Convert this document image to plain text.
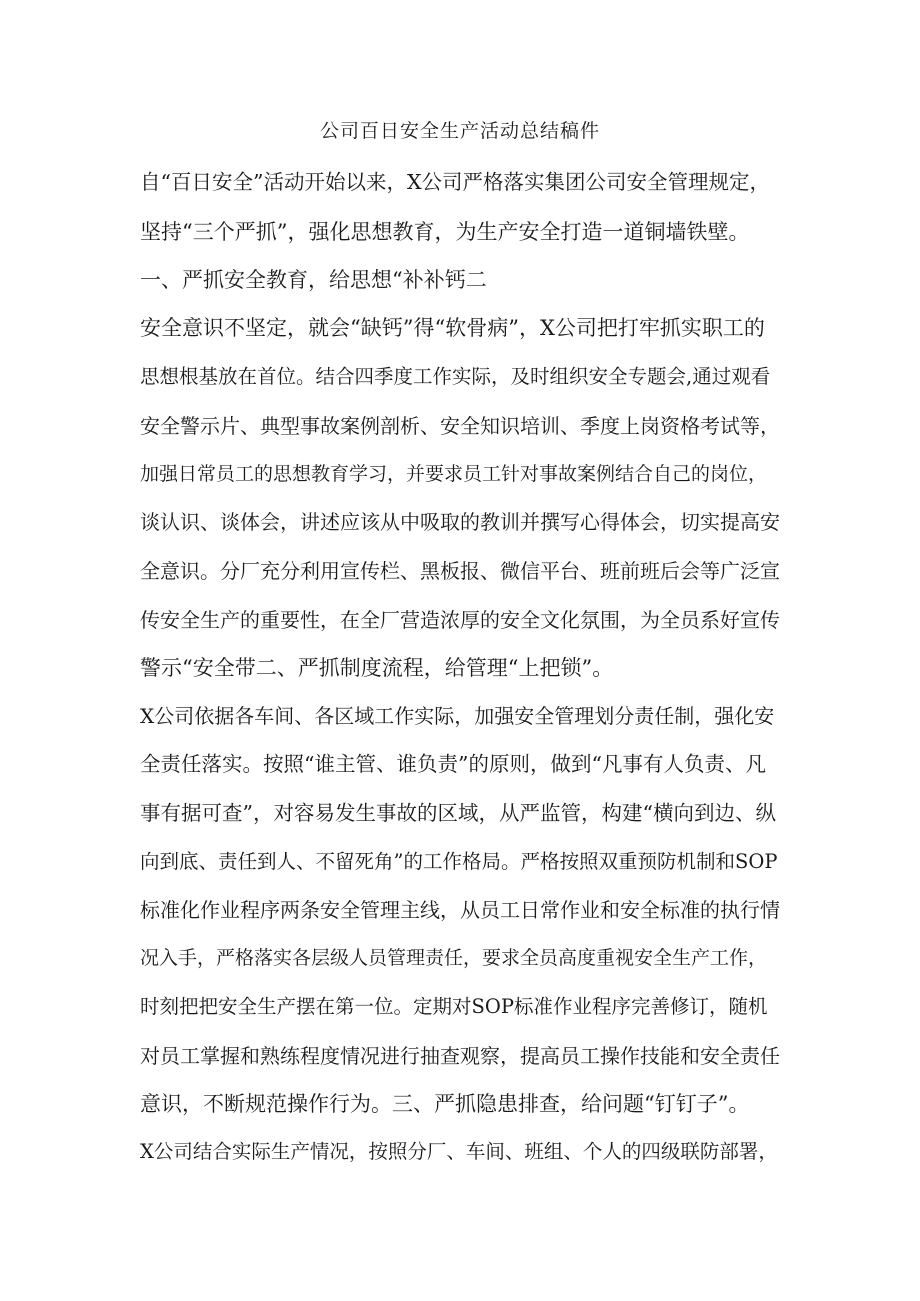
公司百日安全生产活动总结稿件
自“百日安全”活动开始以来，X公司严格落实集团公司安全管理规定，
坚持“三个严抓”，强化思想教育，为生产安全打造一道铜墙铁壁。
一、严抓安全教育，给思想“补补钙二
安全意识不坚定，就会“缺钙”得“软骨病”，X公司把打牢抓实职工的
思想根基放在首位。结合四季度工作实际，及时组织安全专题会,通过观看
安全警示片、典型事故案例剖析、安全知识培训、季度上岗资格考试等，
加强日常员工的思想教育学习，并要求员工针对事故案例结合自己的岗位，
谈认识、谈体会，讲述应该从中吸取的教训并撰写心得体会，切实提高安
全意识。分厂充分利用宣传栏、黑板报、微信平台、班前班后会等广泛宣
传安全生产的重要性，在全厂营造浓厚的安全文化氛围，为全员系好宣传
警示“安全带二、严抓制度流程，给管理“上把锁”。
X公司依据各车间、各区域工作实际，加强安全管理划分责任制，强化安
全责任落实。按照“谁主管、谁负责”的原则，做到“凡事有人负责、凡
事有据可查”，对容易发生事故的区域，从严监管，构建“横向到边、纵
向到底、责任到人、不留死角”的工作格局。严格按照双重预防机制和SOP
标准化作业程序两条安全管理主线，从员工日常作业和安全标准的执行情
况入手，严格落实各层级人员管理责任，要求全员高度重视安全生产工作，
时刻把把安全生产摆在第一位。定期对SOP标准作业程序完善修订，随机
对员工掌握和熟练程度情况进行抽查观察，提高员工操作技能和安全责任
意识，不断规范操作行为。三、严抓隐患排查，给问题“钉钉子”。
X公司结合实际生产情况，按照分厂、车间、班组、个人的四级联防部署，
